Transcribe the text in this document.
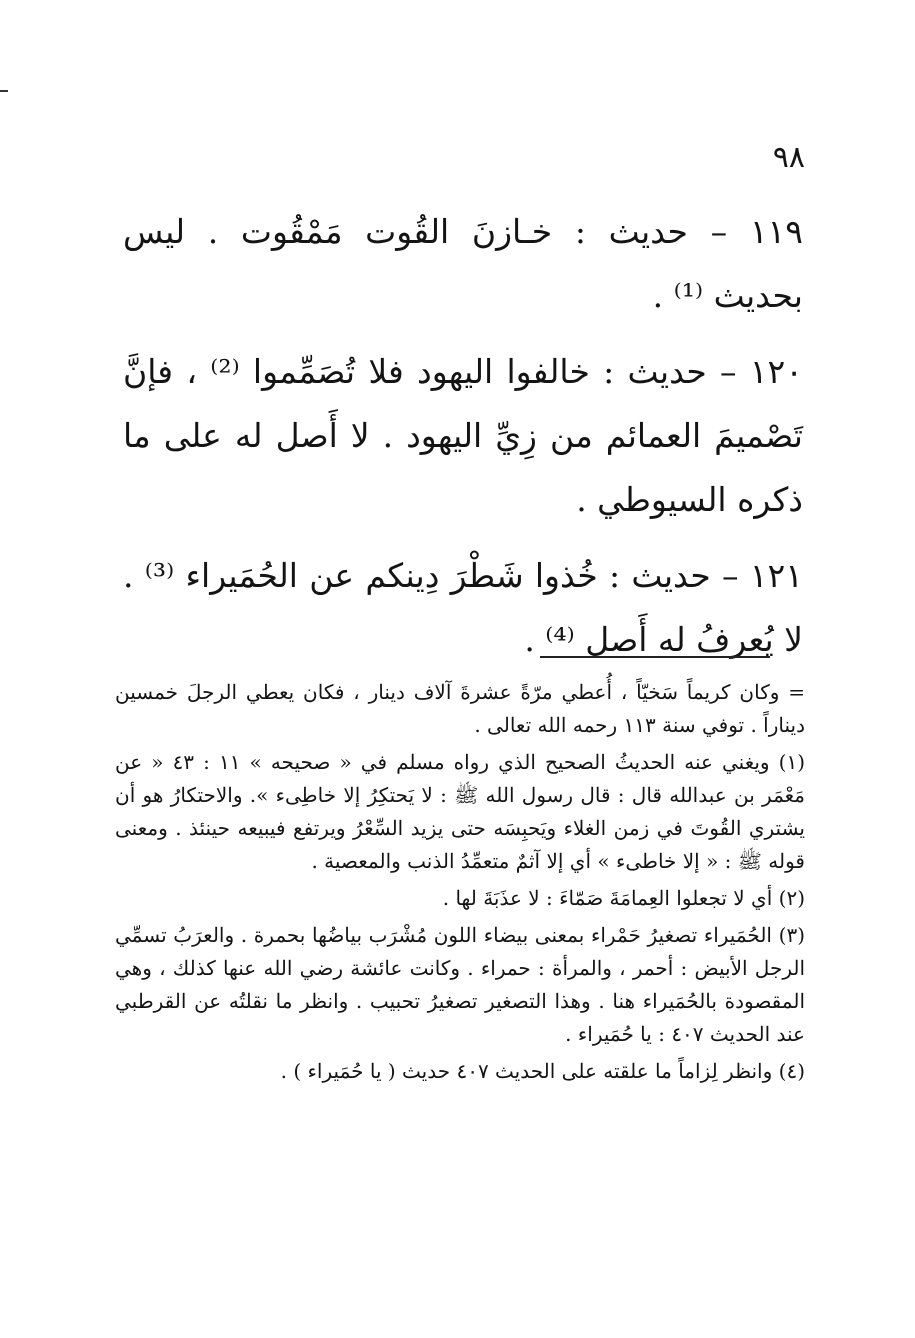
٩٨

١١٩ – حديث : خـازنَ القُوت مَمْقُوت . ليس بحديث ⁽¹⁾ .

١٢٠ – حديث : خالفوا اليهود فلا تُصَمِّموا ⁽²⁾ ، فإنَّ تَصْميمَ العمائم من زِيِّ اليهود . لا أَصل له على ما ذكره السيوطي .

١٢١ – حديث : خُذوا شَطْرَ دِينكم عن الحُمَيراء ⁽³⁾ . لا يُعرفُ له أَصل ⁽⁴⁾ .

= وكان كريماً سَخيّاً ، أُعطي مرّةً عشرةَ آلاف دينار ، فكان يعطي الرجلَ خمسين ديناراً . توفي سنة ١١٣ رحمه الله تعالى .

(١) ويغني عنه الحديثُ الصحيح الذي رواه مسلم في « صحيحه » ١١ : ٤٣ « عن مَعْمَر بن عبدالله قال : قال رسول الله ﷺ : لا يَحتكِرُ إلا خاطِىء ». والاحتكارُ هو أن يشتري القُوتَ في زمن الغلاء ويَحبِسَه حتى يزيد السِّعْرُ ويرتفع فيبيعه حينئذ . ومعنى قوله ﷺ : « إلا خاطىء » أي إلا آثمٌ متعمِّدُ الذنب والمعصية .

(٢) أي لا تجعلوا العِمامَةَ صَمّاءَ : لا عذَبَةَ لها .

(٣) الحُمَيراء تصغيرُ حَمْراء بمعنى بيضاء اللون مُشْرَب بياضُها بحمرة . والعرَبُ تسمِّي الرجل الأبيض : أحمر ، والمرأة : حمراء . وكانت عائشة رضي الله عنها كذلك ، وهي المقصودة بالحُمَيراء هنا . وهذا التصغير تصغيرُ تحبيب . وانظر ما نقلتُه عن القرطبي عند الحديث ٤٠٧ : يا حُمَيراء .

(٤) وانظر لِزاماً ما علقته على الحديث ٤٠٧ حديث ( يا حُمَيراء ) .
